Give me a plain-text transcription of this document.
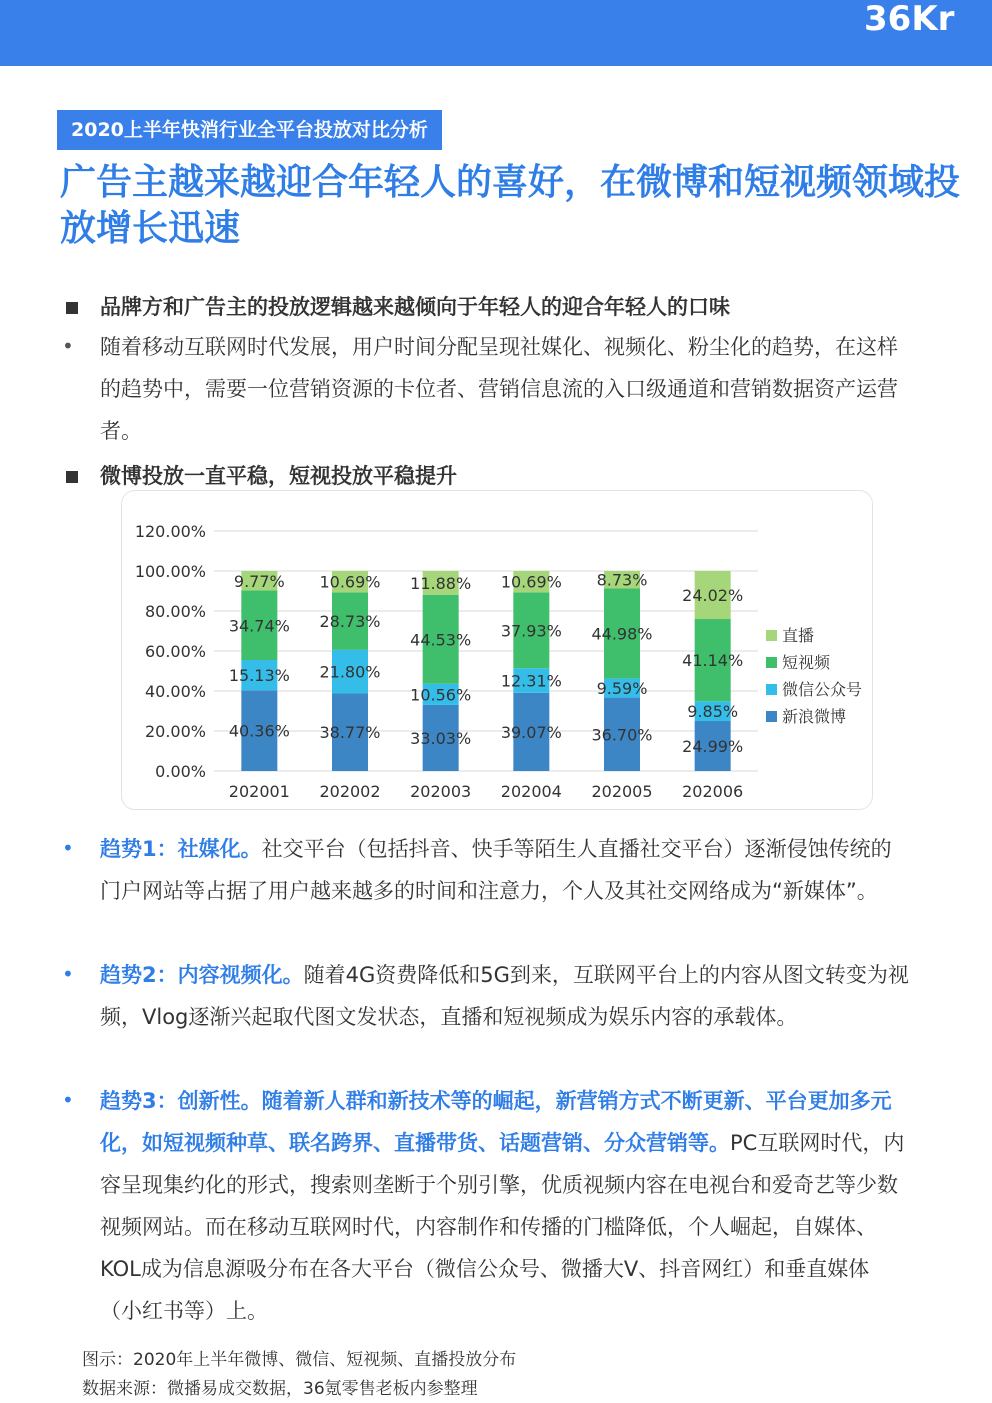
36Kr
2020上半年快消行业全平台投放对比分析
广告主越来越迎合年轻人的喜好，在微博和短视频领域投放增长迅速
品牌方和广告主的投放逻辑越来越倾向于年轻人的迎合年轻人的口味
• 随着移动互联网时代发展，用户时间分配呈现社媒化、视频化、粉尘化的趋势，在这样的趋势中，需要一位营销资源的卡位者、营销信息流的入口级通道和营销数据资产运营者。
微博投放一直平稳，短视投放平稳提升
0.00%
20.00%
40.00%
60.00%
80.00%
100.00%
120.00%
40.36%
15.13%
34.74%
9.77%
202001
38.77%
21.80%
28.73%
10.69%
202002
33.03%
10.56%
44.53%
11.88%
202003
39.07%
12.31%
37.93%
10.69%
202004
36.70%
9.59%
44.98%
8.73%
202005
24.99%
9.85%
41.14%
24.02%
202006
直播
短视频
微信公众号
新浪微博
• 趋势1：社媒化。社交平台（包括抖音、快手等陌生人直播社交平台）逐渐侵蚀传统的门户网站等占据了用户越来越多的时间和注意力，个人及其社交网络成为“新媒体”。
• 趋势2：内容视频化。随着4G资费降低和5G到来，互联网平台上的内容从图文转变为视频，Vlog逐渐兴起取代图文发状态，直播和短视频成为娱乐内容的承载体。
• 趋势3：创新性。随着新人群和新技术等的崛起，新营销方式不断更新、平台更加多元化，如短视频种草、联名跨界、直播带货、话题营销、分众营销等。PC互联网时代，内容呈现集约化的形式，搜索则垄断于个别引擎，优质视频内容在电视台和爱奇艺等少数视频网站。而在移动互联网时代，内容制作和传播的门槛降低，个人崛起，自媒体、KOL成为信息源吸分布在各大平台（微信公众号、微播大V、抖音网红）和垂直媒体（小红书等）上。
图示：2020年上半年微博、微信、短视频、直播投放分布
数据来源：微播易成交数据，36氪零售老板内参整理
